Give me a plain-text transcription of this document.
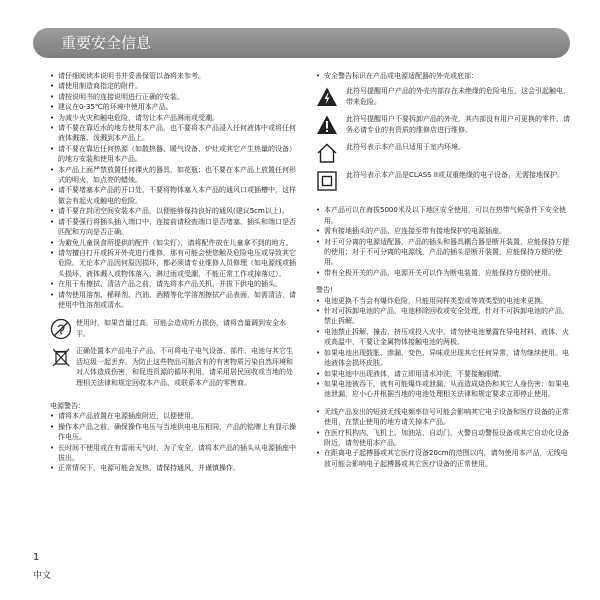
重要安全信息
• 请仔细阅读本说明书并妥善保管以备将来参考。
• 请使用制造商指定的附件。
• 请按说明书的连接说明进行正确的安装。
• 建议在0-35℃的环境中使用本产品。
• 为减少火灾和触电危险，请勿让本产品淋雨或受潮。
• 请不要在靠近水的地方使用本产品，也不要将本产品浸入任何液体中或将任何液体溅落、泼溅到本产品上。
• 请不要在靠近任何热源（如散热器、暖气设备、炉灶或其它产生热量的设备）的地方安装和使用本产品。
• 本产品上面严禁放置任何裸火的器具，如花瓶；也不要在本产品上放置任何形式的明火，如点亮的蜡烛。
• 请不要堵塞本产品的开口处，不要将物体塞入本产品的通风口或插槽中，这样做会有起火或触电的危险。
• 请不要在封闭空间安装本产品，以便能够保持良好的通风(建议5cm以上)。
• 请不要强行将插头插入端口中，连接前请检查端口是否堵塞、插头和端口是否匹配和方向是否正确。
• 为避免儿童误食所提供的配件（如尖钉），请将配件放在儿童拿不到的地方。
• 请勿擅自打开或拆开外壳进行维修，那有可能会使您触及危险电压或导致其它危险。无论本产品因何原因损坏，都必须请专业维修人员修理（如电源线或插头损坏，液体溅入或物体落入，淋过雨或受潮，不能正常工作或掉落过）。
• 在用干布擦拭、清洁产品之前，请先将本产品关机，并拔下供电的插头。
• 请勿使用溶剂、稀释剂、汽油、酒精等化学溶剂擦拭产品表面，如需清洁，请使用中性溶剂或清水。
使用时，如果音量过高，可能会造成听力损伤，请将音量调到安全水平。
正确处置本产品电子产品，不可将电子电气设备、部件、电池与其它生活垃圾一起丢弃。为防止这些物品可能含有的有害物质污染自然环境和对人体造成伤害，和促进资源的循环利用，请采用居民回收或当地的处理相关法律和规定回收本产品、或联系本产品的零售商。

电源警告：

• 请将本产品放置在电源插座附近，以便使用。
• 操作本产品之前，确保操作电压与当地供电电压相同，产品的铭牌上有显示操作电压。
• 长时间不使用或在有雷雨天气时，为了安全，请将本产品的插头从电源插座中拔出。
• 正常情况下，电源可能会发热，请保持通风，并谨慎操作。
• 安全警告标识在产品或电源适配器的外壳或底部：
此符号提醒用户产品的外壳内部存在未绝缘的危险电压，这会引起触电、带来危险。
此符号提醒用户不要拆卸产品的外壳，其内部没有用户可更换的零件，请务必请专业的有资质的维修店进行维修。
此符号表示本产品只适用于室内环境。
此符号表示本产品是CLASS II或双重绝缘的电子设备，无需接地保护。
• 本产品可以在海拔5000米及以下地区安全使用，可以在热带气候条件下安全使用。
• 需有接地插头的产品，应连接至带有接地保护的电源插座。
• 对于可分离的电源适配器，产品的插头和器具耦合器是断开装置，应能保持方便的使用；对于不可分离的电源线，产品的插头是断开装置，应能保持方便的使用。
• 带有全极开关的产品，电源开关可以作为断电装置，应能保持方便的使用。

警告!

• 电池更换不当会有爆炸危险，只能用同样类型或等效类型的电池来更换。
• 针对可拆卸电池的产品，电池移除回收或安全处理，针对不可拆卸电池的产品，禁止拆解。
• 电池禁止拆解、撞击、挤压或投入火中，请勿使电池暴露在导电材料、液体、火或高温中，不要让金属物体接触电池的两极。
• 如果电池出现鼓胀、渗漏、变色、异味或出现其它任何异常，请勿继续使用。电池液体会损坏皮肤。
• 如果电池中出现液体，请立即用清水冲洗，不要接触眼睛。
• 如果电池被吞下，就有可能爆炸或泄漏，从而造成烧伤和其它人身伤害；如果电池泄漏，应小心并根据当地的电池处理相关法律和规定要求立即停止使用。
• 无线产品发出的短波无线电频率信号可能会影响其它电子设备和医疗设备的正常使用，在禁止使用的地方请关掉本产品。
• 在医疗机构内、飞机上、加油站、自动门、火警自动警报设备或其它自动化设备附近，请勿使用本产品。
• 在距离电子起搏器或其它医疗设备20cm的范围以内，请勿使用本产品，无线电波可能会影响电子起搏器或其它医疗设备的正常使用。
1
中文
